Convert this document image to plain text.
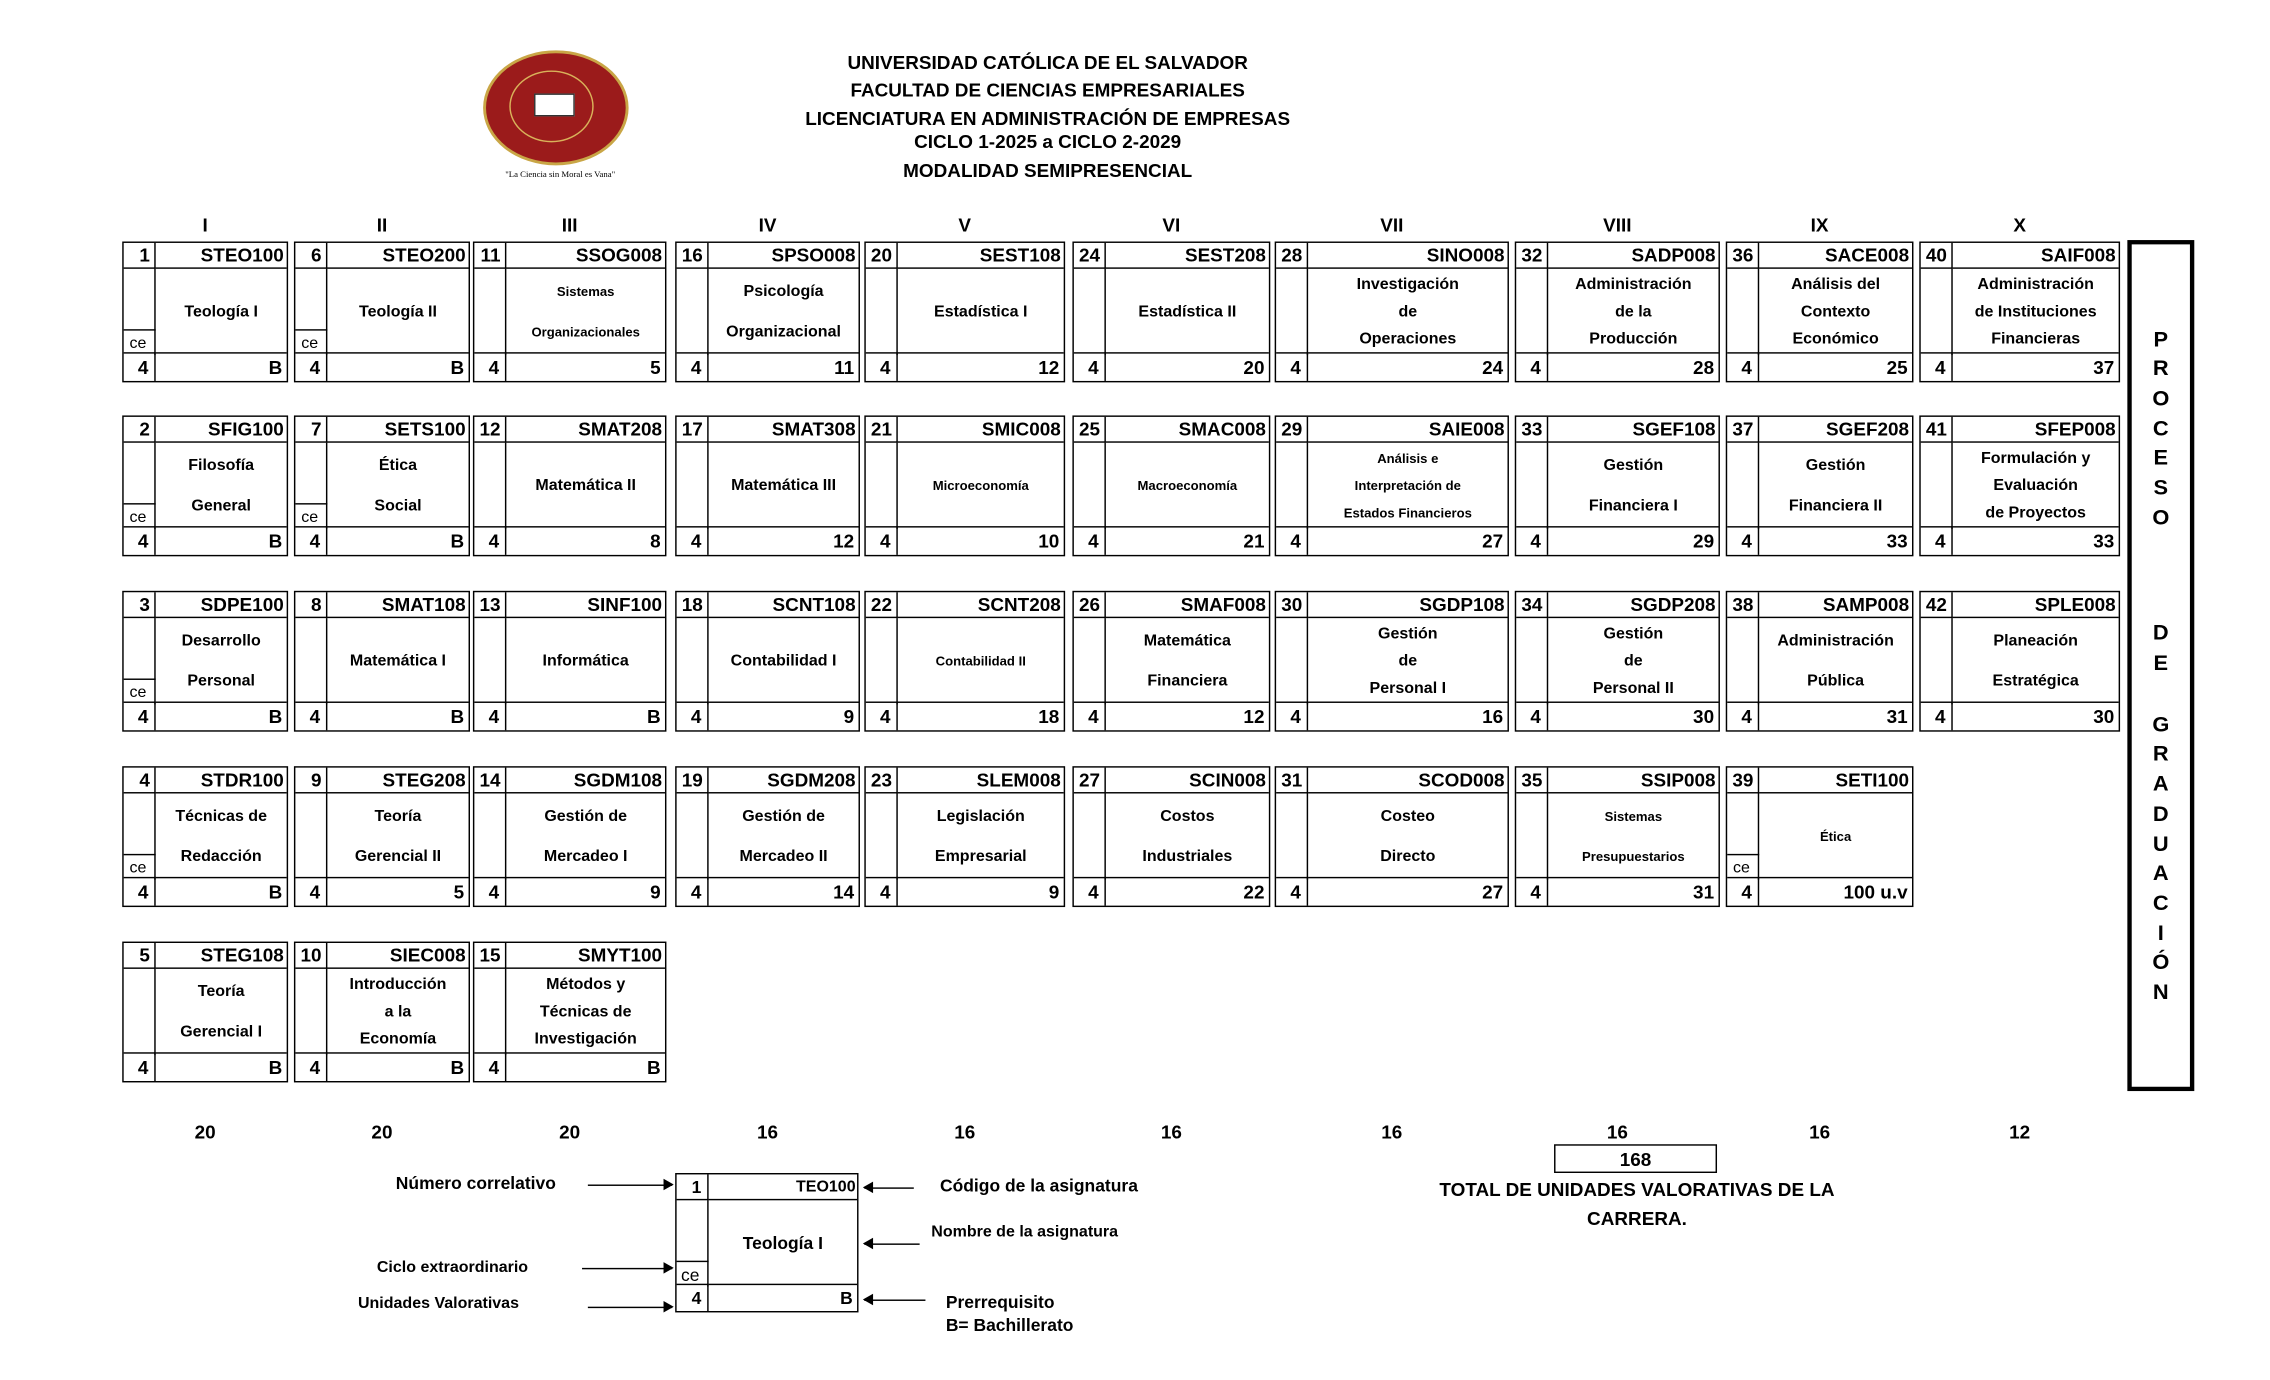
"La Ciencia sin Moral es Vana"
UNIVERSIDAD CATÓLICA DE EL SALVADOR
FACULTAD DE CIENCIAS EMPRESARIALES
LICENCIATURA EN ADMINISTRACIÓN DE EMPRESAS
CICLO 1-2025 a CICLO 2-2029
MODALIDAD SEMIPRESENCIAL
I	II	III	IV	V	VI	VII	VIII	IX	X
1	STEO100
ce
Teología I
4	B
6	STEO200
ce
Teología II
4	B
11	SSOG008
Sistemas
Organizacionales
4	5
16	SPSO008
Psicología
Organizacional
4	11
20	SEST108
Estadística I
4	12
24	SEST208
Estadística II
4	20
28	SINO008
Investigación
de
Operaciones
4	24
32	SADP008
Administración
de la
Producción
4	28
36	SACE008
Análisis del
Contexto
Económico
4	25
40	SAIF008
Administración
de Instituciones
Financieras
4	37
2	SFIG100
ce
Filosofía
General
4	B
7	SETS100
ce
Ética
Social
4	B
12	SMAT208
Matemática II
4	8
17	SMAT308
Matemática III
4	12
21	SMIC008
Microeconomía
4	10
25	SMAC008
Macroeconomía
4	21
29	SAIE008
Análisis e
Interpretación de
Estados Financieros
4	27
33	SGEF108
Gestión
Financiera I
4	29
37	SGEF208
Gestión
Financiera II
4	33
41	SFEP008
Formulación y
Evaluación
de Proyectos
4	33
3	SDPE100
ce
Desarrollo
Personal
4	B
8	SMAT108
Matemática I
4	B
13	SINF100
Informática
4	B
18	SCNT108
Contabilidad I
4	9
22	SCNT208
Contabilidad II
4	18
26	SMAF008
Matemática
Financiera
4	12
30	SGDP108
Gestión
de
Personal I
4	16
34	SGDP208
Gestión
de
Personal II
4	30
38	SAMP008
Administración
Pública
4	31
42	SPLE008
Planeación
Estratégica
4	30
4	STDR100
ce
Técnicas de
Redacción
4	B
9	STEG208
Teoría
Gerencial II
4	5
14	SGDM108
Gestión de
Mercadeo I
4	9
19	SGDM208
Gestión de
Mercadeo II
4	14
23	SLEM008
Legislación
Empresarial
4	9
27	SCIN008
Costos
Industriales
4	22
31	SCOD008
Costeo
Directo
4	27
35	SSIP008
Sistemas
Presupuestarios
4	31
39	SETI100
ce
Ética
4	100 u.v
5	STEG108
Teoría
Gerencial I
4	B
10	SIEC008
Introducción
a la
Economía
4	B
15	SMYT100
Métodos y
Técnicas de
Investigación
4	B
P
R
O
C
E
S
O
D
E
G
R
A
D
U
A
C
I
Ó
N
20	20	20	16	16	16	16	16	16	12
168
TOTAL DE UNIDADES VALORATIVAS DE LA
CARRERA.
Número correlativo	Código de la asignatura
Nombre de la asignatura
Ciclo extraordinario
Unidades Valorativas	Prerrequisito
B= Bachillerato
1	TEO100
ce
Teología I
4	B
